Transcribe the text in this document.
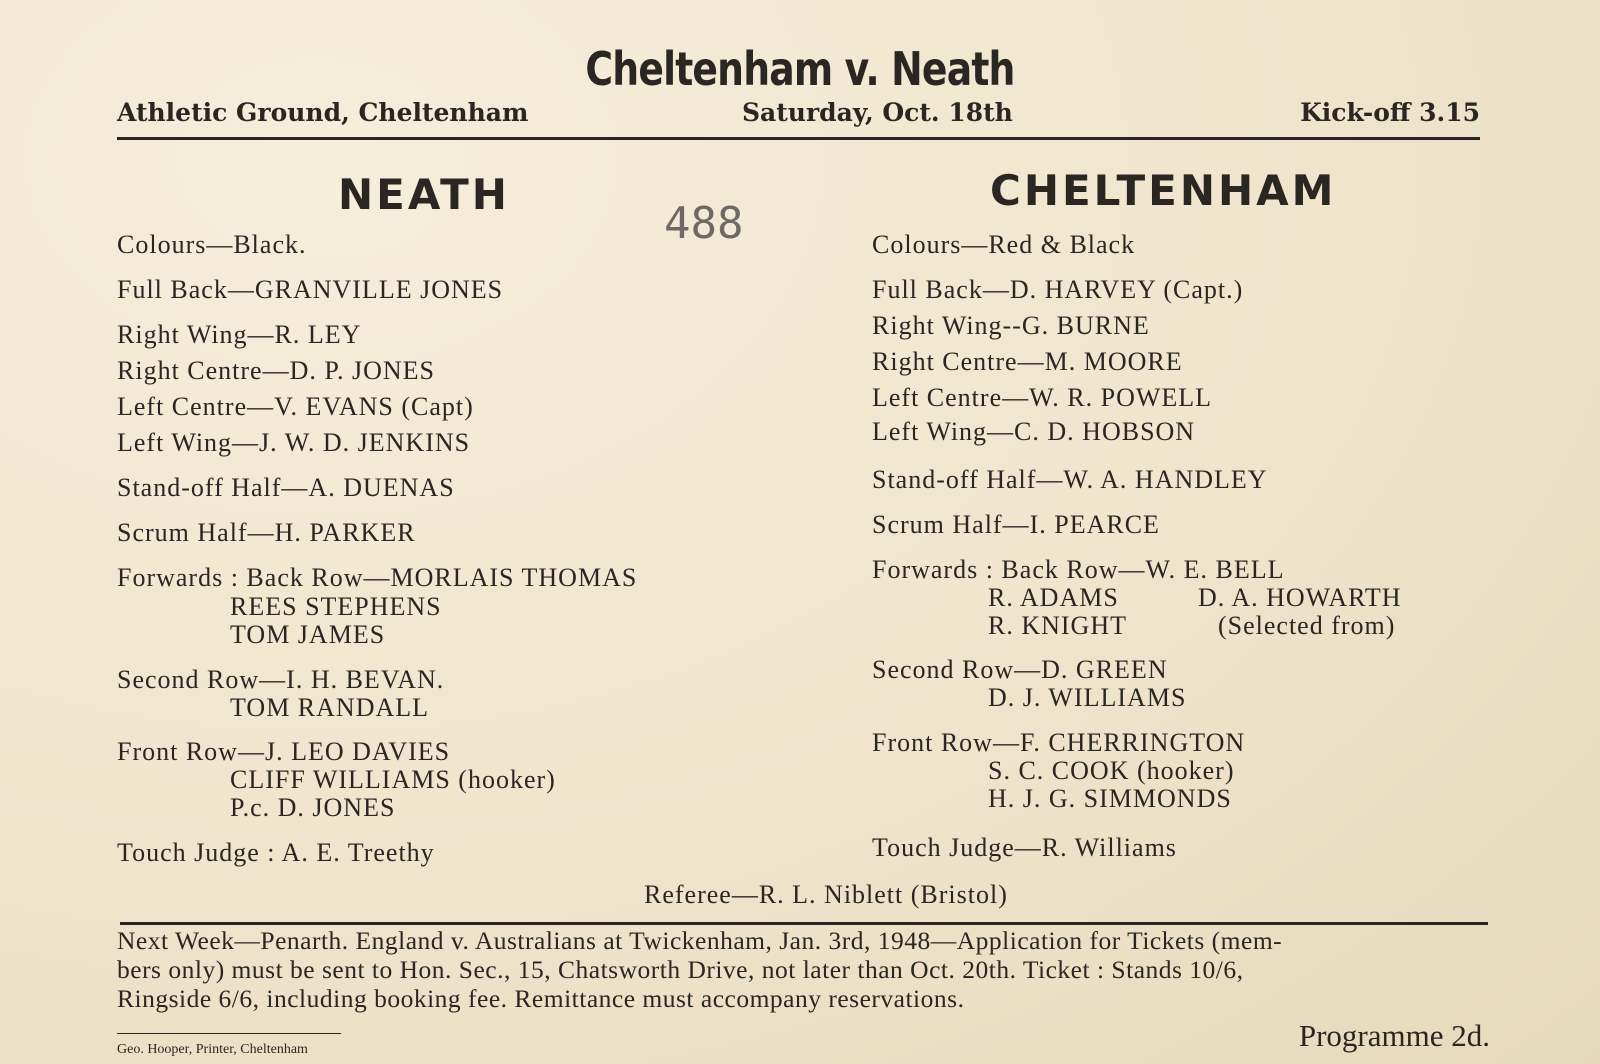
Cheltenham v. Neath
Athletic Ground, Cheltenham	Saturday, Oct. 18th	Kick-off 3.15
NEATH
488
Colours—Black.
Full Back—GRANVILLE JONES
Right Wing—R. LEY
Right Centre—D. P. JONES
Left Centre—V. EVANS (Capt)
Left Wing—J. W. D. JENKINS
Stand-off Half—A. DUENAS
Scrum Half—H. PARKER
Forwards : Back Row—MORLAIS THOMAS
REES STEPHENS
TOM JAMES
Second Row—I. H. BEVAN.
TOM RANDALL
Front Row—J. LEO DAVIES
CLIFF WILLIAMS (hooker)
P.c. D. JONES
Touch Judge : A. E. Treethy
CHELTENHAM
Colours—Red & Black
Full Back—D. HARVEY (Capt.)
Right Wing--G. BURNE
Right Centre—M. MOORE
Left Centre—W. R. POWELL
Left Wing—C. D. HOBSON
Stand-off Half—W. A. HANDLEY
Scrum Half—I. PEARCE
Forwards : Back Row—W. E. BELL
R. ADAMS	D. A. HOWARTH
R. KNIGHT	(Selected from)
Second Row—D. GREEN
D. J. WILLIAMS
Front Row—F. CHERRINGTON
S. C. COOK (hooker)
H. J. G. SIMMONDS
Touch Judge—R. Williams
Referee—R. L. Niblett (Bristol)
Next Week—Penarth. England v. Australians at Twickenham, Jan. 3rd, 1948—Application for Tickets (mem-
bers only) must be sent to Hon. Sec., 15, Chatsworth Drive, not later than Oct. 20th. Ticket : Stands 10/6,
Ringside 6/6, including booking fee. Remittance must accompany reservations.
Geo. Hooper, Printer, Cheltenham	Programme 2d.
